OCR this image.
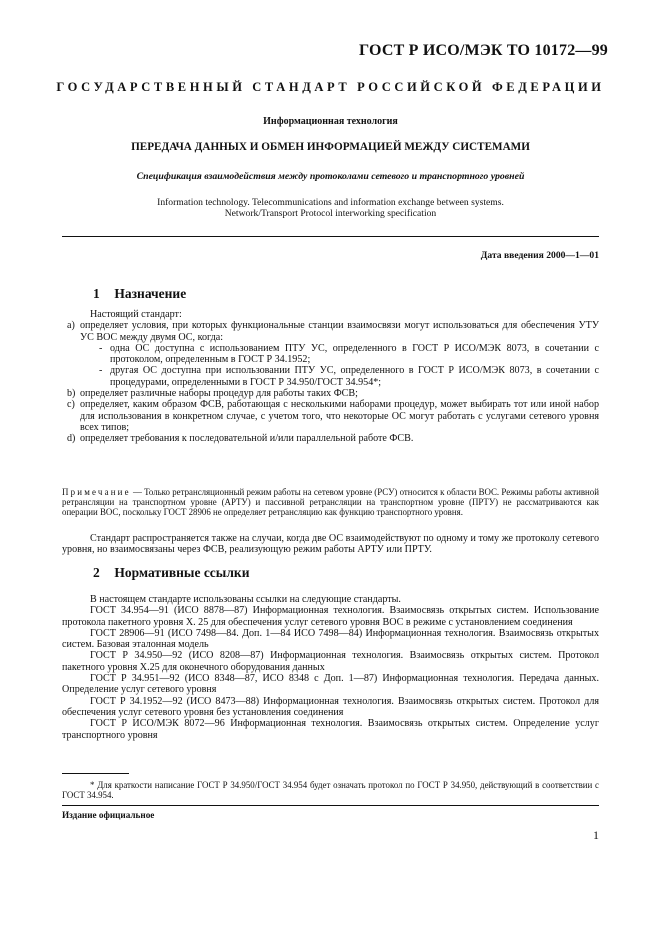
ГОСТ Р ИСО/МЭК ТО 10172—99
ГОСУДАРСТВЕННЫЙ СТАНДАРТ РОССИЙСКОЙ ФЕДЕРАЦИИ
Информационная технология
ПЕРЕДАЧА ДАННЫХ И ОБМЕН ИНФОРМАЦИЕЙ МЕЖДУ СИСТЕМАМИ
Спецификация взаимодействия между протоколами сетевого и транспортного уровней
Information technology. Telecommunications and information exchange between systems.
Network/Transport Protocol interworking specification
Дата введения 2000—1—01
1 Назначение

Настоящий стандарт:

a) определяет условия, при которых функциональные станции взаимосвязи могут использоваться для обеспечения УТУ УС ВОС между двумя ОС, когда:
- одна ОС доступна с использованием ПТУ УС, определенного в ГОСТ Р ИСО/МЭК 8073, в сочетании с протоколом, определенным в ГОСТ Р 34.1952;
- другая ОС доступна при использовании ПТУ УС, определенного в ГОСТ Р ИСО/МЭК 8073, в сочетании с процедурами, определенными в ГОСТ Р 34.950/ГОСТ 34.954*;
b) определяет различные наборы процедур для работы таких ФСВ;
c) определяет, каким образом ФСВ, работающая с несколькими наборами процедур, может выбирать тот или иной набор для использования в конкретном случае, с учетом того, что некоторые ОС могут работать с услугами сетевого уровня всех типов;
d) определяет требования к последовательной и/или параллельной работе ФСВ.
Примечание — Только ретрансляционный режим работы на сетевом уровне (РСУ) относится к области ВОС. Режимы работы активной ретрансляции на транспортном уровне (АРТУ) и пассивной ретрансляции на транспортном уровне (ПРТУ) не рассматриваются как операции ВОС, поскольку ГОСТ 28906 не определяет ретрансляцию как функцию транспортного уровня.

Стандарт распространяется также на случаи, когда две ОС взаимодействуют по одному и тому же протоколу сетевого уровня, но взаимосвязаны через ФСВ, реализующую режим работы АРТУ или ПРТУ.

2 Нормативные ссылки

В настоящем стандарте использованы ссылки на следующие стандарты.

ГОСТ 34.954—91 (ИСО 8878—87) Информационная технология. Взаимосвязь открытых систем. Использование протокола пакетного уровня Х. 25 для обеспечения услуг сетевого уровня ВОС в режиме с установлением соединения

ГОСТ 28906—91 (ИСО 7498—84. Доп. 1—84 ИСО 7498—84) Информационная технология. Взаимосвязь открытых систем. Базовая эталонная модель

ГОСТ Р 34.950—92 (ИСО 8208—87) Информационная технология. Взаимосвязь открытых систем. Протокол пакетного уровня Х.25 для оконечного оборудования данных

ГОСТ Р 34.951—92 (ИСО 8348—87, ИСО 8348 с Доп. 1—87) Информационная технология. Передача данных. Определение услуг сетевого уровня

ГОСТ Р 34.1952—92 (ИСО 8473—88) Информационная технология. Взаимосвязь открытых систем. Протокол для обеспечения услуг сетевого уровня без установления соединения

ГОСТ Р ИСО/МЭК 8072—96 Информационная технология. Взаимосвязь открытых систем. Определение услуг транспортного уровня

* Для краткости написание ГОСТ Р 34.950/ГОСТ 34.954 будет означать протокол по ГОСТ Р 34.950, действующий в соответствии с ГОСТ 34.954.
Издание официальное
1
